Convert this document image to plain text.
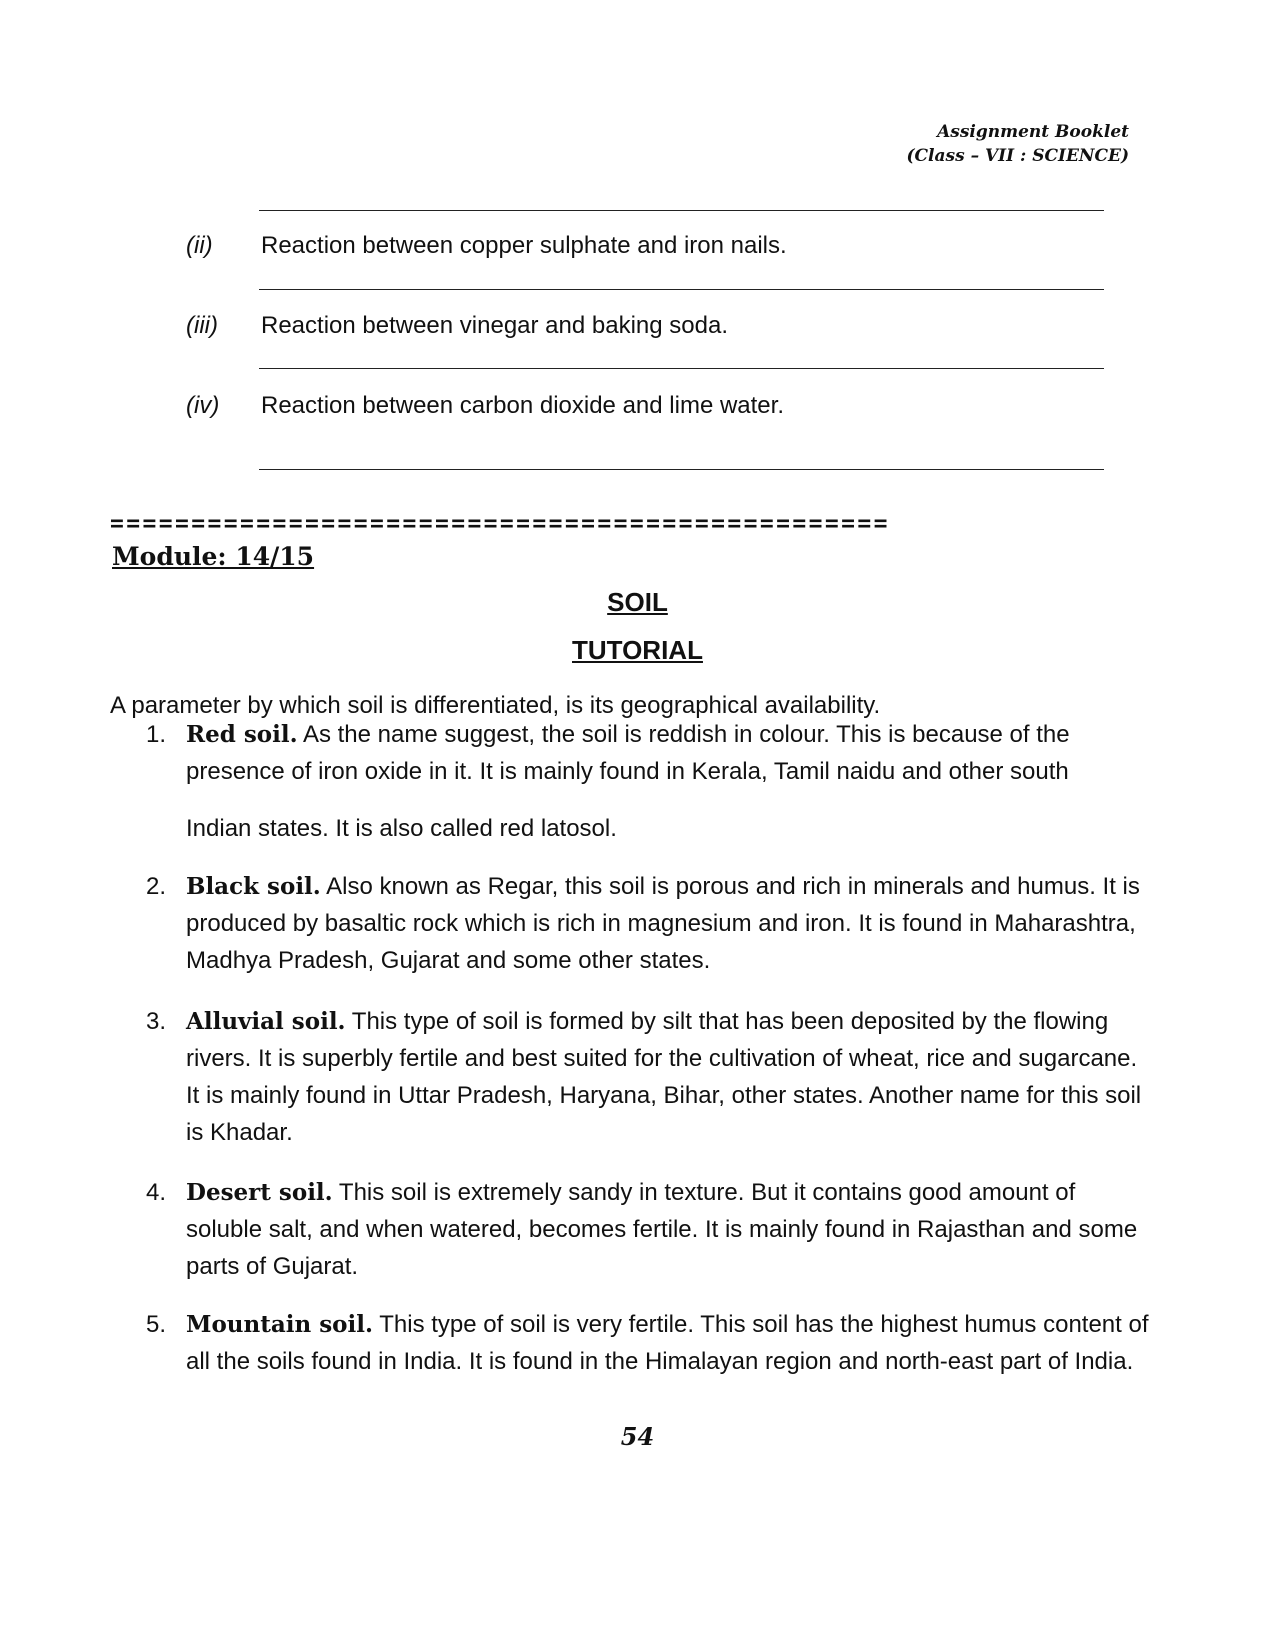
Assignment Booklet
(Class – VII : SCIENCE)
(ii)	Reaction between copper sulphate and iron nails.
(iii)	Reaction between vinegar and baking soda.
(iv)	Reaction between carbon dioxide and lime water.
================================================
Module: 14/15
SOIL
TUTORIAL
A parameter by which soil is differentiated, is its geographical availability.
1. Red soil. As the name suggest, the soil is reddish in colour. This is because of the presence of iron oxide in it. It is mainly found in Kerala, Tamil naidu and other south
Indian states. It is also called red latosol.
2. Black soil. Also known as Regar, this soil is porous and rich in minerals and humus. It is produced by basaltic rock which is rich in magnesium and iron. It is found in Maharashtra, Madhya Pradesh, Gujarat and some other states.
3. Alluvial soil. This type of soil is formed by silt that has been deposited by the flowing rivers. It is superbly fertile and best suited for the cultivation of wheat, rice and sugarcane. It is mainly found in Uttar Pradesh, Haryana, Bihar, other states. Another name for this soil is Khadar.
4. Desert soil. This soil is extremely sandy in texture. But it contains good amount of soluble salt, and when watered, becomes fertile. It is mainly found in Rajasthan and some parts of Gujarat.
5. Mountain soil. This type of soil is very fertile. This soil has the highest humus content of all the soils found in India. It is found in the Himalayan region and north-east part of India.
54
